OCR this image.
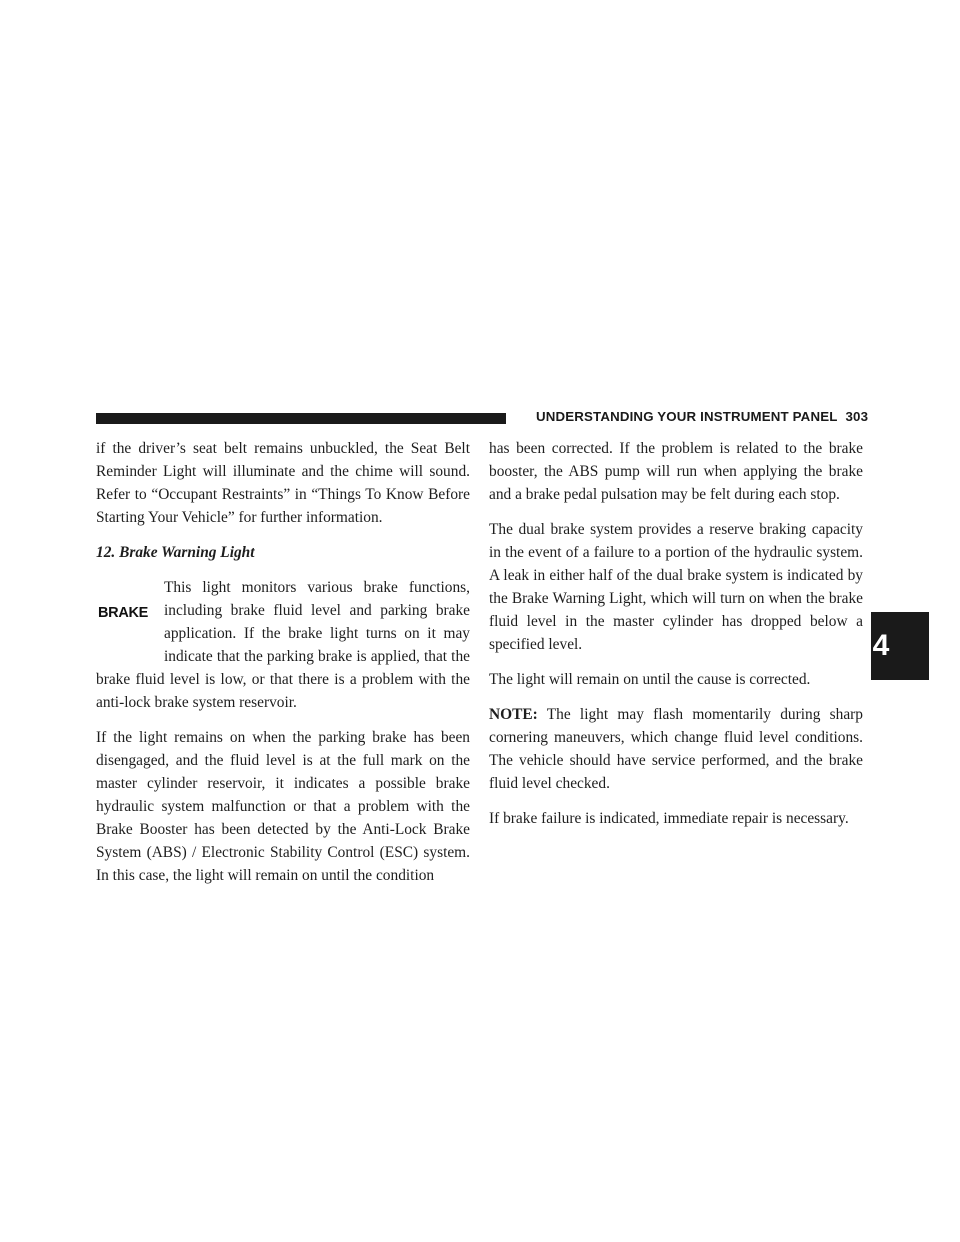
UNDERSTANDING YOUR INSTRUMENT PANEL 303
4

if the driver’s seat belt remains unbuckled, the Seat Belt Reminder Light will illuminate and the chime will sound. Refer to “Occupant Restraints” in “Things To Know Before Starting Your Vehicle” for further information.

12. Brake Warning Light

BRAKE
This light monitors various brake functions, including brake fluid level and parking brake application. If the brake light turns on it may indicate that the parking brake is applied, that the brake fluid level is low, or that there is a problem with the anti-lock brake system reservoir.

If the light remains on when the parking brake has been disengaged, and the fluid level is at the full mark on the master cylinder reservoir, it indicates a possible brake hydraulic system malfunction or that a problem with the Brake Booster has been detected by the Anti-Lock Brake System (ABS) / Electronic Stability Control (ESC) system. In this case, the light will remain on until the condition

has been corrected. If the problem is related to the brake booster, the ABS pump will run when applying the brake and a brake pedal pulsation may be felt during each stop.

The dual brake system provides a reserve braking capacity in the event of a failure to a portion of the hydraulic system. A leak in either half of the dual brake system is indicated by the Brake Warning Light, which will turn on when the brake fluid level in the master cylinder has dropped below a specified level.

The light will remain on until the cause is corrected.

NOTE: The light may flash momentarily during sharp cornering maneuvers, which change fluid level conditions. The vehicle should have service performed, and the brake fluid level checked.

If brake failure is indicated, immediate repair is necessary.
